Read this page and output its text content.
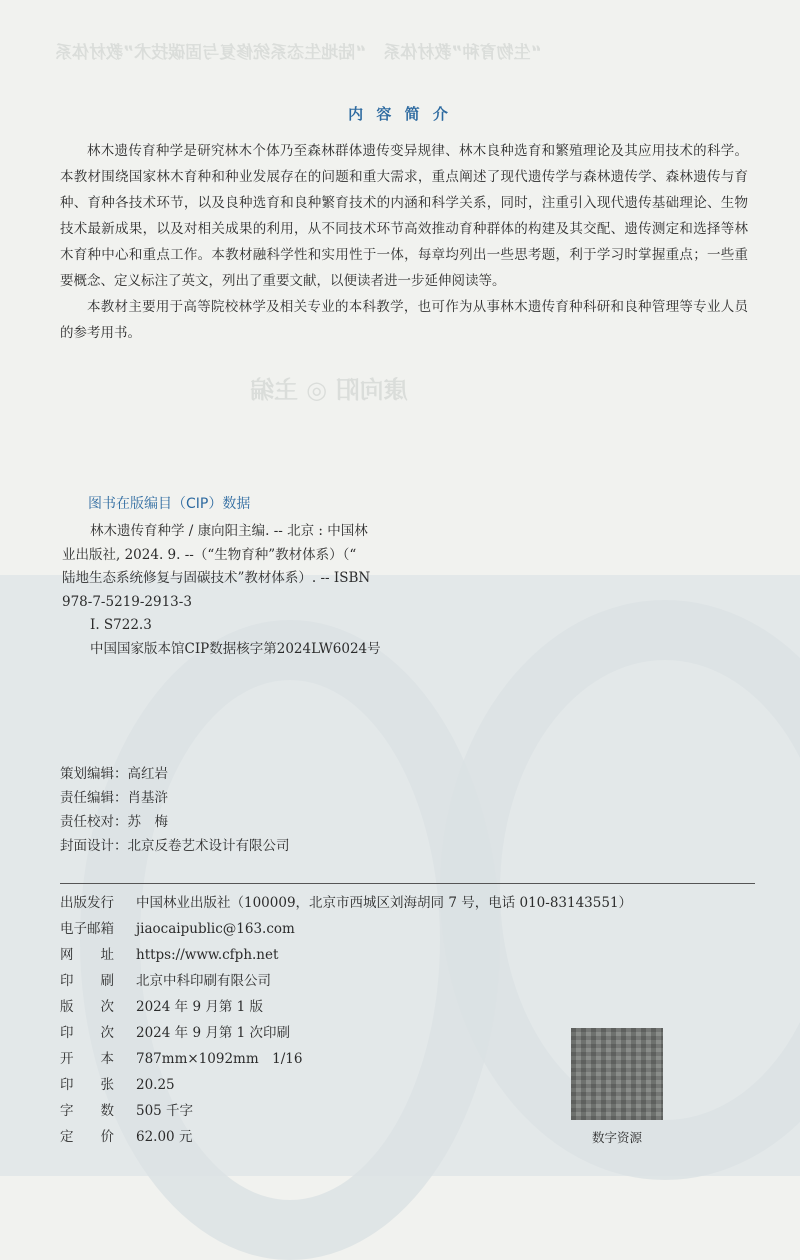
“生物育种”教材体系　“陆地生态系统修复与固碳技术”教材体系
康向阳 ◎ 主编
内 容 简 介

林木遗传育种学是研究林木个体乃至森林群体遗传变异规律、林木良种选育和繁殖理论及其应用技术的科学。本教材围绕国家林木育种和种业发展存在的问题和重大需求，重点阐述了现代遗传学与森林遗传学、森林遗传与育种、育种各技术环节，以及良种选育和良种繁育技术的内涵和科学关系，同时，注重引入现代遗传基础理论、生物技术最新成果，以及对相关成果的利用，从不同技术环节高效推动育种群体的构建及其交配、遗传测定和选择等林木育种中心和重点工作。本教材融科学性和实用性于一体，每章均列出一些思考题，利于学习时掌握重点；一些重要概念、定义标注了英文，列出了重要文献，以便读者进一步延伸阅读等。

本教材主要用于高等院校林学及相关专业的本科教学，也可作为从事林木遗传育种科研和良种管理等专业人员的参考用书。

图书在版编目（CIP）数据
林木遗传育种学 / 康向阳主编. -- 北京 : 中国林
业出版社, 2024. 9. --（“生物育种”教材体系）（“
陆地生态系统修复与固碳技术”教材体系）. -- ISBN
978-7-5219-2913-3
Ⅰ. S722.3
中国国家版本馆CIP数据核字第2024LW6024号
策划编辑：高红岩
责任编辑：肖基浒
责任校对：苏　梅
封面设计：北京反卷艺术设计有限公司
出版发行 中国林业出版社（100009，北京市西城区刘海胡同 7 号，电话 010-83143551）
电子邮箱 jiaocaipublic@163.com
网　　址 https://www.cfph.net
印　　刷 北京中科印刷有限公司
版　　次 2024 年 9 月第 1 版
印　　次 2024 年 9 月第 1 次印刷
开　　本 787mm×1092mm　1/16
印　　张 20.25
字　　数 505 千字
定　　价 62.00 元	数字资源
